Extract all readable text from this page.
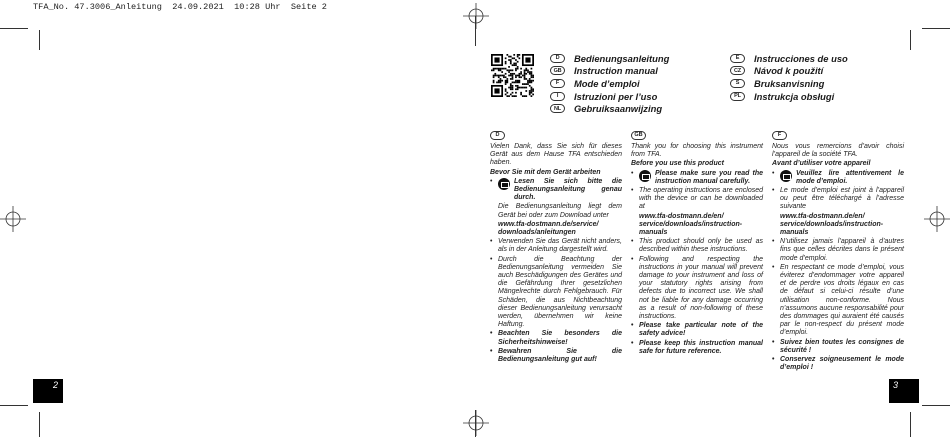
TFA_No. 47.3006_Anleitung  24.09.2021  10:28 Uhr  Seite 2
2	3
D	Bedienungsanleitung
GB	Instruction manual
F	Mode d’emploi
I	Istruzioni per l’uso
NL	Gebruiksaanwijzing
E	Instrucciones de uso
CZ	Návod k použití
S	Bruksanvisning
PL	Instrukcja obsługi
D

Vielen Dank, dass Sie sich für dieses Gerät aus dem Hause TFA entschieden haben.

Bevor Sie mit dem Gerät arbeiten
• Lesen Sie sich bitte die Bedienungsanleitung genau durch.

Die Bedienungsanleitung liegt dem Gerät bei oder zum Download unter

www.tfa-dostmann.de/service/ downloads/anleitungen

• Verwenden Sie das Gerät nicht anders, als in der Anleitung dargestellt wird.
• Durch die Beachtung der Bedienungsanleitung vermeiden Sie auch Beschädigungen des Gerätes und die Gefährdung Ihrer gesetzlichen Mängelrechte durch Fehlgebrauch. Für Schäden, die aus Nichtbeachtung dieser Bedienungsanleitung verursacht werden, übernehmen wir keine Haftung.
• Beachten Sie besonders die Sicherheitshinweise!
• Bewahren Sie die Bedienungsanleitung gut auf!
GB

Thank you for choosing this instrument from TFA.

Before you use this product
• Please make sure you read the instruction manual carefully.

• The operating instructions are enclosed with the device or can be downloaded at

www.tfa-dostmann.de/en/ service/downloads/instruction-manuals

• This product should only be used as described within these instructions.
• Following and respecting the instructions in your manual will prevent damage to your instrument and loss of your statutory rights arising from defects due to incorrect use. We shall not be liable for any damage occurring as a result of non-following of these instructions.
• Please take particular note of the safety advice!
• Please keep this instruction manual safe for future reference.
F

Nous vous remercions d’avoir choisi l’appareil de la société TFA.

Avant d’utiliser votre appareil
• Veuillez lire attentivement le mode d’emploi.

• Le mode d’emploi est joint à l’appareil ou peut être téléchargé à l’adresse suivante

www.tfa-dostmann.de/en/ service/downloads/instruction-manuals

• N’utilisez jamais l’appareil à d’autres fins que celles décrites dans le présent mode d’emploi.
• En respectant ce mode d’emploi, vous éviterez d’endommager votre appareil et de perdre vos droits légaux en cas de défaut si celui-ci résulte d’une utilisation non-conforme. Nous n’assumons aucune responsabilité pour des dommages qui auraient été causés par le non-respect du présent mode d’emploi.
• Suivez bien toutes les consignes de sécurité !
• Conservez soigneusement le mode d’emploi !
